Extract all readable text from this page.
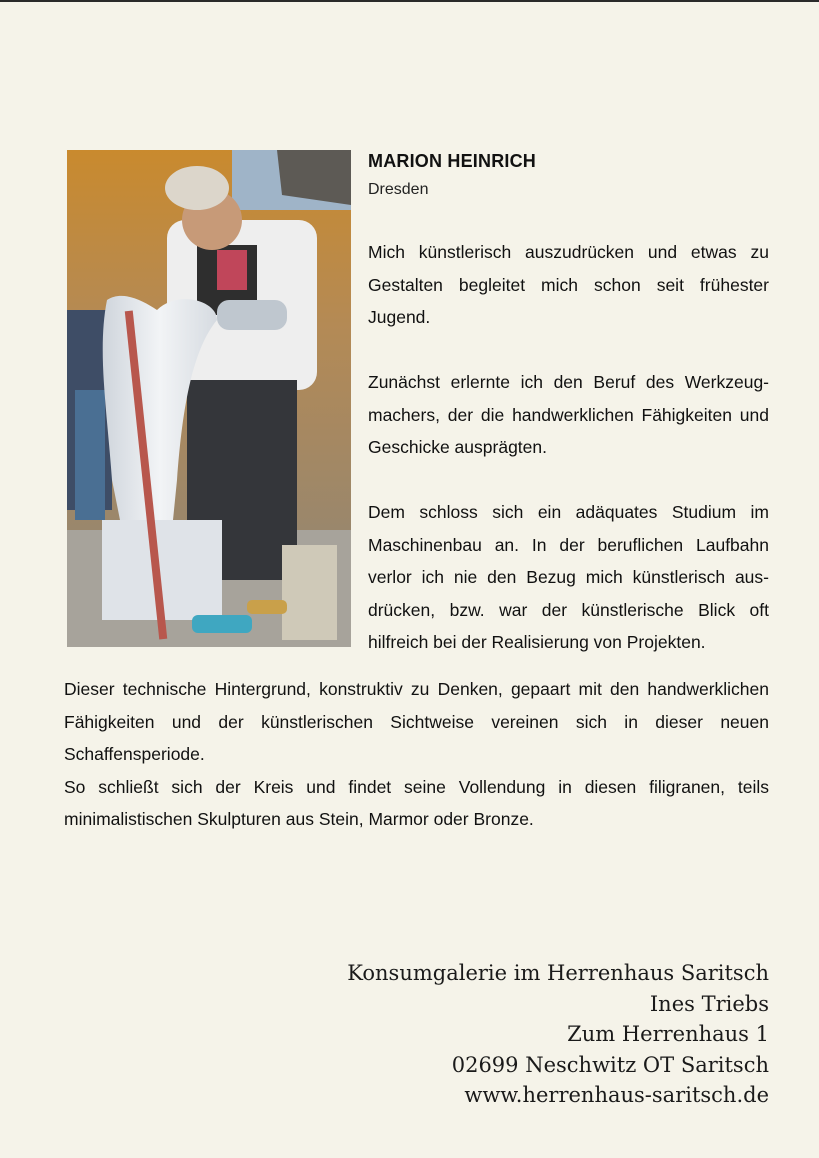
MARION HEINRICH
Dresden

Mich künstlerisch auszudrücken und etwas zu Gestalten begleitet mich schon seit frühester Jugend.

Zunächst erlernte ich den Beruf des Werkzeugmachers, der die handwerklichen Fähigkeiten und Geschicke ausprägten.

Dem schloss sich ein adäquates Studium im Maschinenbau an. In der beruflichen Laufbahn verlor ich nie den Bezug mich künstlerisch ausdrücken, bzw. war der künstlerische Blick oft hilfreich bei der Realisierung von Projekten.

Dieser technische Hintergrund, konstruktiv zu Denken, gepaart mit den handwerklichen Fähigkeiten und der künstlerischen Sichtweise vereinen sich in dieser neuen Schaffensperiode.

So schließt sich der Kreis und findet seine Vollendung in diesen filigranen, teils minimalistischen Skulpturen aus Stein, Marmor oder Bronze.

Konsumgalerie im Herrenhaus Saritsch
Ines Triebs
Zum Herrenhaus 1
02699 Neschwitz OT Saritsch
www.herrenhaus-saritsch.de
